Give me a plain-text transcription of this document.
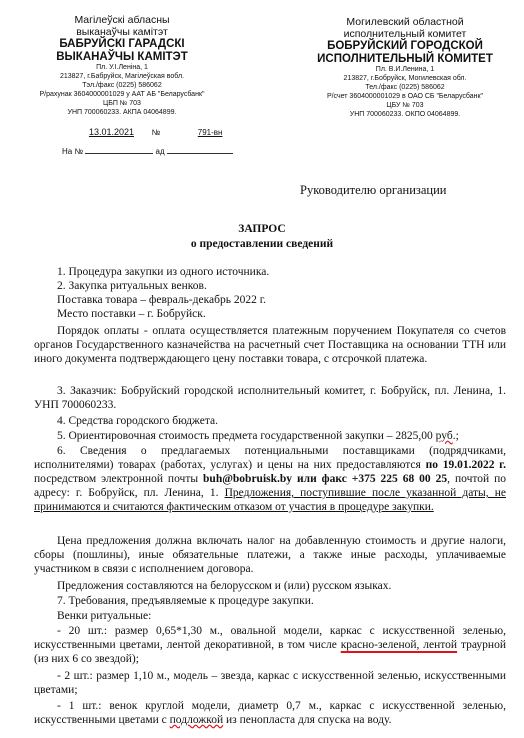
Магілеўскі абласны
выканаўчы камітэт
БАБРУЙСКІ ГАРАДСКІ
ВЫКАНАЎЧЫ КАМІТЭТ
Пл. У.І.Леніна, 1
213827, г.Бабруйск, Магілеўская вобл.
Тэл./факс (0225) 586062
Р/рахунак 3604000001029 у ААТ АБ "Беларусбанк"
ЦБП № 703
УНП 700060233. АКПА 04064899.
Могилевский областной
исполнительный комитет
БОБРУЙСКИЙ ГОРОДСКОЙ
ИСПОЛНИТЕЛЬНЫЙ КОМИТЕТ
Пл. В.И.Ленина, 1
213827, г.Бобруйск, Могилевская обл.
Тел./факс (0225) 586062
Р/счет 3604000001029 в ОАО СБ "Беларусбанк"
ЦБУ № 703
УНП 700060233. ОКПО 04064899.
13.01.2021 №	791-вн
На №	ад
Руководителю организации
ЗАПРОС
о предоставлении сведений

1. Процедура закупки из одного источника.

2. Закупка ритуальных венков.

Поставка товара – февраль-декабрь 2022 г.

Место поставки – г. Бобруйск.

Порядок оплаты - оплата осуществляется платежным поручением Покупателя со счетов органов Государственного казначейства на расчетный счет Поставщика на основании ТТН или иного документа подтверждающего цену поставки товара, с отсрочкой платежа.
3. Заказчик: Бобруйский городской исполнительный комитет, г. Бобруйск, пл. Ленина, 1. УНП 700060233.
4. Средства городского бюджета.
5. Ориентировочная стоимость предмета государственной закупки – 2825,00 руб.;
6. Сведения о предлагаемых потенциальными поставщиками (подрядчиками, исполнителями) товарах (работах, услугах) и цены на них предоставляются по 19.01.2022 г. посредством электронной почты buh@bobruisk.by или факс +375 225 68 00 25, почтой по адресу: г. Бобруйск, пл. Ленина, 1. Предложения, поступившие после указанной даты, не принимаются и считаются фактическим отказом от участия в процедуре закупки.
Цена предложения должна включать налог на добавленную стоимость и другие налоги, сборы (пошлины), иные обязательные платежи, а также иные расходы, уплачиваемые участником в связи с исполнением договора.
Предложения составляются на белорусском и (или) русском языках.
7. Требования, предъявляемые к процедуре закупки.
Венки ритуальные:
- 20 шт.: размер 0,65*1,30 м., овальной модели, каркас с искусственной зеленью, искусственными цветами, лентой декоративной, в том числе красно-зеленой, лентой траурной (из них 6 со звездой);
- 2 шт.: размер 1,10 м., модель – звезда, каркас с искусственной зеленью, искусственными цветами;
- 1 шт.: венок круглой модели, диаметр 0,7 м., каркас с искусственной зеленью, искусственными цветами с подложкой из пенопласта для спуска на воду.
